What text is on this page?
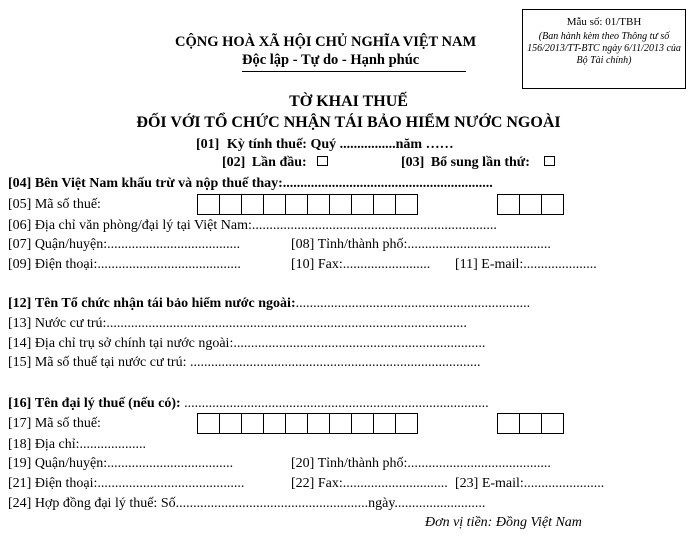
Mẫu số: 01/TBH
(Ban hành kèm theo Thông tư số 156/2013/TT-BTC ngày 6/11/2013 của Bộ Tài chính)
CỘNG HOÀ XÃ HỘI CHỦ NGHĨA VIỆT NAM
Độc lập - Tự do - Hạnh phúc
TỜ KHAI THUẾ
ĐỐI VỚI TỔ CHỨC NHẬN TÁI BẢO HIỂM NƯỚC NGOÀI
[01] Kỳ tính thuế: Quý ................năm ……
[02] Lần đầu:	[03] Bổ sung lần thứ:
[04] Bên Việt Nam khấu trừ và nộp thuế thay:............................................................
[05] Mã số thuế:
[06] Địa chỉ văn phòng/đại lý tại Việt Nam:......................................................................
[07] Quận/huyện:......................................	[08] Tỉnh/thành phố:.........................................
[09] Điện thoại:.........................................	[10] Fax:......................... [11] E-mail:.....................
[12] Tên Tổ chức nhận tái bảo hiểm nước ngoài:...................................................................
[13] Nước cư trú:.......................................................................................................
[14] Địa chỉ trụ sở chính tại nước ngoài:........................................................................
[15] Mã số thuế tại nước cư trú: ...................................................................................
[16] Tên đại lý thuế (nếu có): .......................................................................................
[17] Mã số thuế:
[18] Địa chỉ:...................
[19] Quận/huyện:....................................	[20] Tỉnh/thành phố:.........................................
[21] Điện thoại:..........................................	[22] Fax:.............................. [23] E-mail:.......................
[24] Hợp đồng đại lý thuế: Số.......................................................ngày..........................
Đơn vị tiền: Đồng Việt Nam
